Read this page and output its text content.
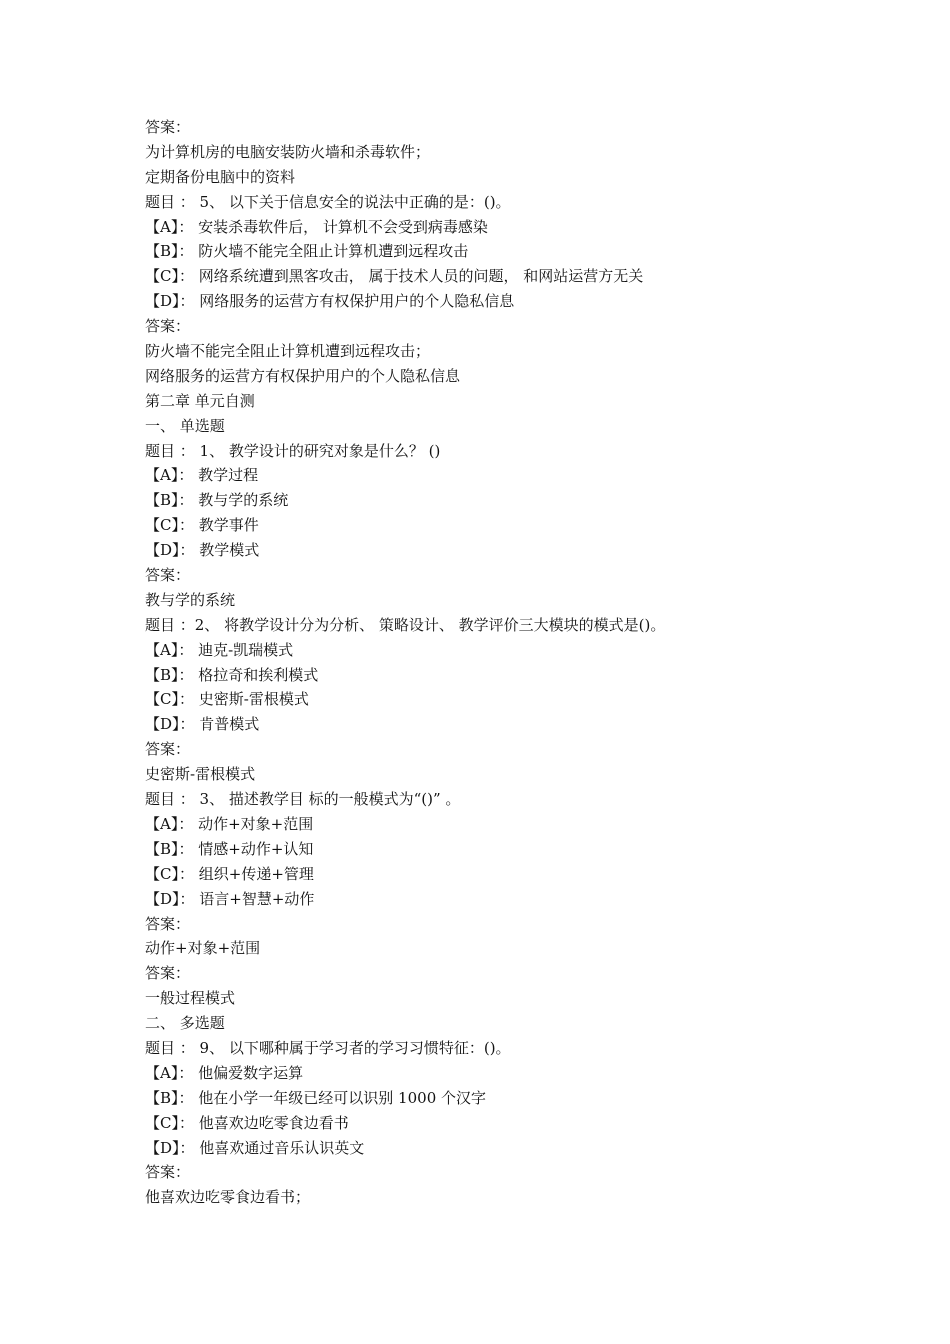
答案：
为计算机房的电脑安装防火墙和杀毒软件；
定期备份电脑中的资料
题目 ： 5、 以下关于信息安全的说法中正确的是：()。
【A】： 安装杀毒软件后， 计算机不会受到病毒感染
【B】： 防火墙不能完全阻止计算机遭到远程攻击
【C】： 网络系统遭到黑客攻击， 属于技术人员的问题， 和网站运营方无关
【D】： 网络服务的运营方有权保护用户的个人隐私信息
答案：
防火墙不能完全阻止计算机遭到远程攻击；
网络服务的运营方有权保护用户的个人隐私信息
第二章 单元自测
一、 单选题
题目 ： 1、 教学设计的研究对象是什么？ ()
【A】： 教学过程
【B】： 教与学的系统
【C】： 教学事件
【D】： 教学模式
答案：
教与学的系统
题目 ：2、 将教学设计分为分析、 策略设计、 教学评价三大模块的模式是()。
【A】： 迪克-凯瑞模式
【B】： 格拉奇和挨利模式
【C】： 史密斯-雷根模式
【D】： 肯普模式
答案：
史密斯-雷根模式
题目 ： 3、 描述教学目 标的一般模式为“()” 。
【A】： 动作+对象+范围
【B】： 情感+动作+认知
【C】： 组织+传递+管理
【D】： 语言+智慧+动作
答案：
动作+对象+范围
答案：
一般过程模式
二、 多选题
题目 ： 9、 以下哪种属于学习者的学习习惯特征：()。
【A】： 他偏爱数字运算
【B】： 他在小学一年级已经可以识别 1000 个汉字
【C】： 他喜欢边吃零食边看书
【D】： 他喜欢通过音乐认识英文
答案：
他喜欢边吃零食边看书；
